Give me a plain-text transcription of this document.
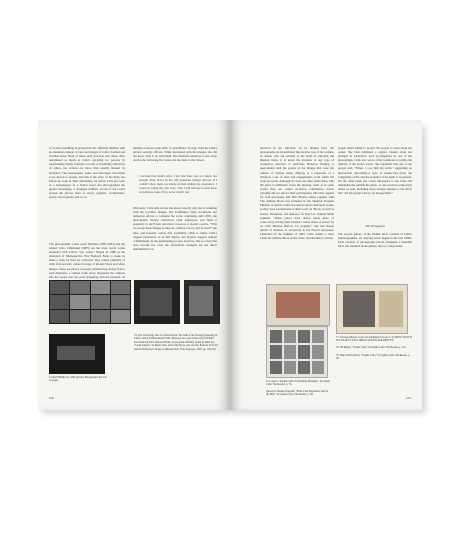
of works is instilling in prospective the officially intimate with an abundant element of tarts and images of Calle's formed and troubled notes. Both of these early practices into those often determined as much as Calle's reporting for persons by transforming details from her own life or modelling with those of others, her actions are more than usually marked by invitation. The photographic, audio, and videotapes were made to be shown to people, and this is the story of the third, her follow-up work in Suite Venitienne, for which Calle got work as a housekeeper in a Venice hotel and photographed the guests' belongings, a strangely intimate record of the rooms around the private lives of travel, pajamas, toothbrushes, poetry, travel guides, and so on.

The photographic works Gesti Machine (1991-2003) and the related video Unfinished (2005) are the most recent works presented with Calle's "spy works." Begun in 1988 as the invitation of Minneapolis's First National Bank to make its make a work for their art collection, they consist primarily of stills from security camera footage of ghostly black and white images. There are photos of people withdrawing money from a cash dispenser, a camera Calle never integrated the cameras into her spend over ten years grappling with the material. At

initially received some stills of surveillance footage from the bank's private security officers. While fascinated with the images, she did not know what to do with them. The materials remain in boxes alone and for the following five years, but she feels to the viewer.

I declined the bank's offer. I felt that there was too much, not enough. They never let me. My materials, images and tea. If I couldn't show them, becoming excited adding my experience, I would be losing my own story. Still, I still manage to steal these surveillance tapes. They never tried it out.

Obviously, Calle tells us that she knows exactly why she is wrestling with the wordless images. The Unfinished video documents her numerous efforts to complete the work, continuing until 2005, she photographs money, interviews bank employees and finds it popularly in the Forest and more; however, it doesn't resolve. "Why we accept these images as they are, without a story, just be seen?" she asks, and honestly rejects that possibility. (This is where Calle's dogged persistence is on full display, her projects happen without commitment). At the questioning process, however, this is a story that does become her own; the anonymous strangers are her direct determination on.

Gotham Handbook, 1994 (detail). Photographs and text on paper.
74. The chronology here is a little unclear. The bulk of the footage (appearing in Calle's video) is International 1991. However, her own curator Gerrit Schefer has stated that First National Bank's art program officially ended in 1990. See "Gerrit Schefer," in Marie Clerc and Claire Pryce, eds. Art into Episode Civil Art and the Perfection Change at Museum New York: Palgrave, 2005, pp. 109-126.
100

involved in her narrative. At its limited form, the photographs are incentivized like and the role of the women, no matter who are actually to the hotel of curiosity, the missing items, it is about the absolute of any type of occupancy, structure or particular. However floating or ungrounded with the people in the images that were the camera of various items, Murphy is a repertoire of a situation, a set of rules and engagements, from which the work proceeds. Although it's done one time where these will, the piece is ultimately about the missing. Such as in some works, they are Calle's receiving contributors, letters certainly did not ask for their participation. The latter applies for both newspaper and film (Hours) where together with The Address Book was included in the Skulptur Projekte Münster in which Calle's has known most celebrated works, as they were foundational to their work: an "Book, as well as storms, disruption, and remorse," in Ivan Luo Samuel Smith explains, "These pieces have drawn much share of controversy, having been labeled a 'lethal abuse of power' by art critic Michael Barlow, for example." She had shown details of relations to everybody in the French newspaper Libération in the summer of 1983. Calle claims to have found the Address Book on the street, and decided to call the

people listed within to project the people to learn about the owner. She then published a regular column about her attempts in Libération, each accompanied by one of her photographs, Calle also wrote of her intentions to profile the identity of the book's owner. She explained that one of the people said, "Either, I owe him my spirit," suggesting an inescapable uncertainty-a type of inside-view-about the complexity of life and the potential of the hand to be present. On the other hand, the owner threatened to sue Calle and demanded she publish his photo, so she received some nasty letters as well, including more strange remarks to the effect that "All the people I know are disappointed."

The Protagonist

The second gallery of the Walker show consists of Calle's autobiographies, an ongoing series begun in the late 1980s. Each consists of photographs placed alongside a beautiful short text installed in the gallery, the two components.

Los Santos, "Sophie Calle's Uncertainty Principle," in Sophie Calle: The Reader, p. 75.
Quoted in Sheena Wagstaff, "Basil is the Playmaker, And Is the ROC" in Sophie Calle: The Reader, p. 38.
77. Several galleries' work was published in book as "Le HOST WATCH IN COLLECT SOUL IMPLICATIONS PAR RENCES"
78. Jill Magid, "Sophie Calle," in Sophie Calle: The Reader, p. 114.
79. Hans Ulrich Obrist, "Sophie Calle," in Sophie Calle: The Reader, p. 56.
101
